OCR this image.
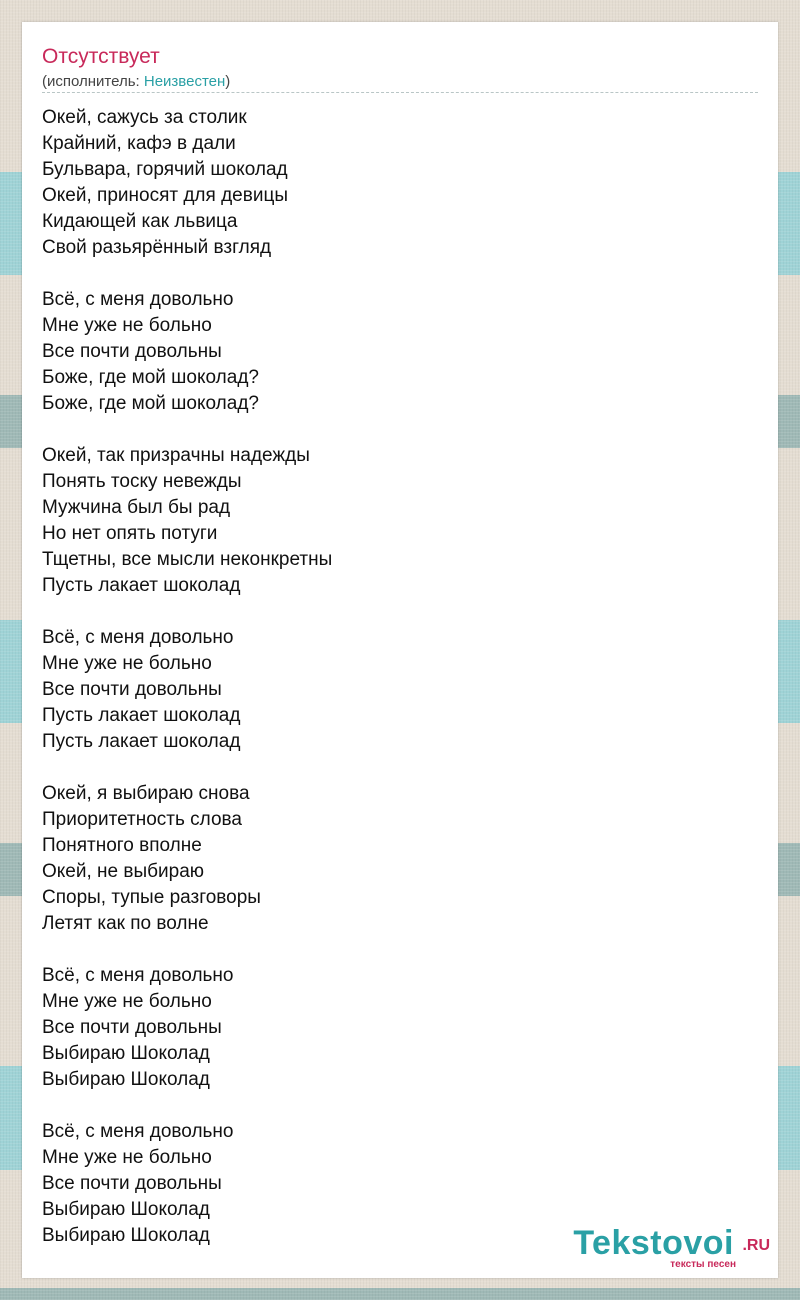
Отсутствует
(исполнитель: Неизвестен)
Окей, сажусь за столик
Крайний, кафэ в дали
Бульвара, горячий шоколад
Окей, приносят для девицы
Кидающей как львица
Свой разьярённый взгляд
Всё, с меня довольно
Мне уже не больно
Все почти довольны
Боже, где мой шоколад?
Боже, где мой шоколад?
Окей, так призрачны надежды
Понять тоску невежды
Мужчина был бы рад
Но нет опять потуги
Тщетны, все мысли неконкретны
Пусть лакает шоколад
Всё, с меня довольно
Мне уже не больно
Все почти довольны
Пусть лакает шоколад
Пусть лакает шоколад
Окей, я выбираю снова
Приоритетность слова
Понятного вполне
Окей, не выбираю
Споры, тупые разговоры
Летят как по волне
Всё, с меня довольно
Мне уже не больно
Все почти довольны
Выбираю Шоколад
Выбираю Шоколад
Всё, с меня довольно
Мне уже не больно
Все почти довольны
Выбираю Шоколад
Выбираю Шоколад	Tekstovoi .RU
тексты песен
